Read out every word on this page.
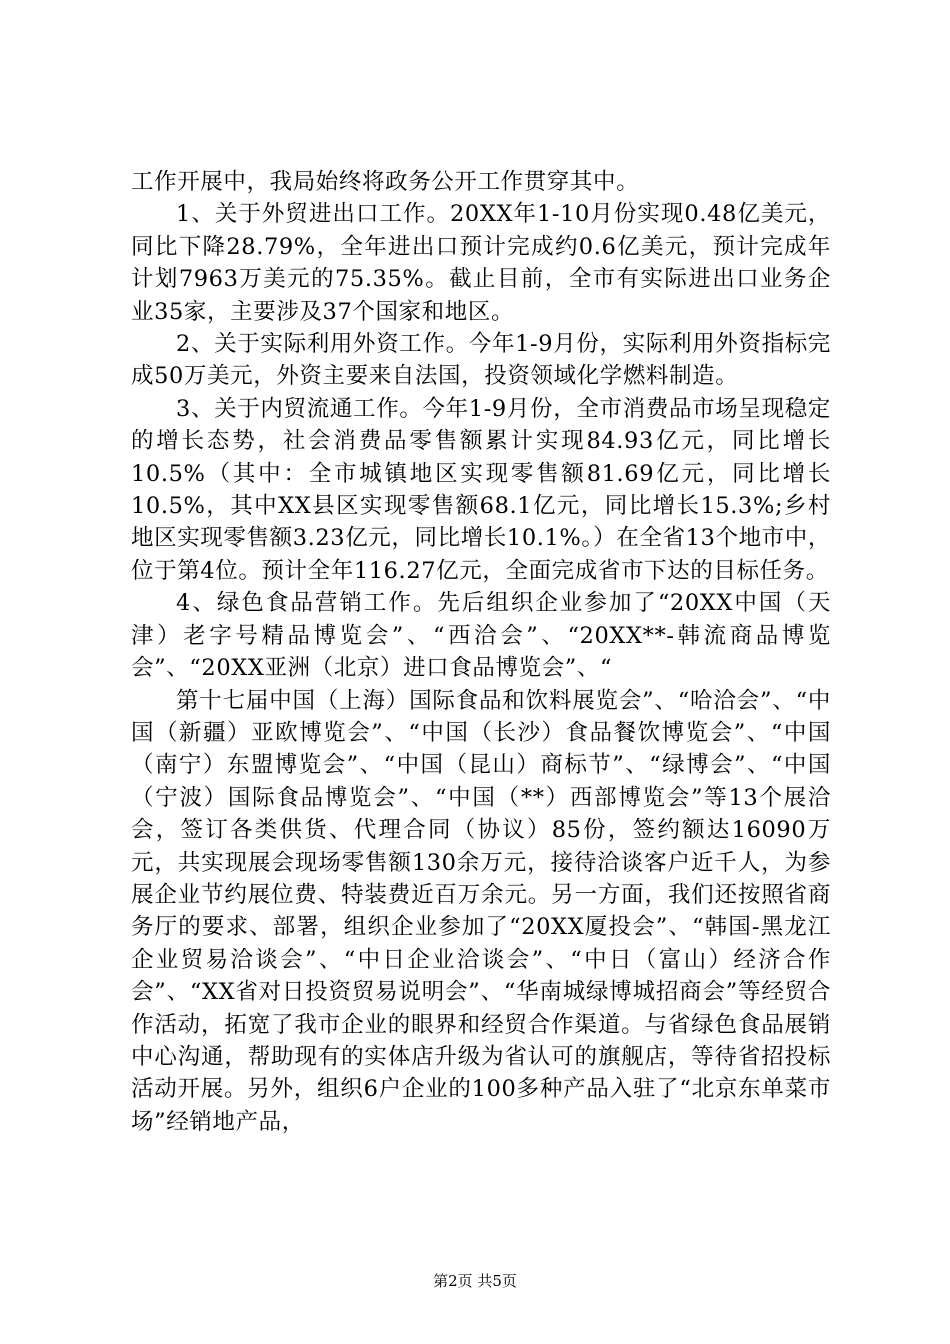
工作开展中，我局始终将政务公开工作贯穿其中。

1、关于外贸进出口工作。20XX年1-10月份实现0.48亿美元，同比下降28.79%，全年进出口预计完成约0.6亿美元，预计完成年计划7963万美元的75.35%。截止目前，全市有实际进出口业务企业35家，主要涉及37个国家和地区。

2、关于实际利用外资工作。今年1-9月份，实际利用外资指标完成50万美元，外资主要来自法国，投资领域化学燃料制造。

3、关于内贸流通工作。今年1-9月份，全市消费品市场呈现稳定的增长态势，社会消费品零售额累计实现84.93亿元，同比增长10.5%（其中：全市城镇地区实现零售额81.69亿元，同比增长10.5%，其中XX县区实现零售额68.1亿元，同比增长15.3%;乡村地区实现零售额3.23亿元，同比增长10.1%。）在全省13个地市中，位于第4位。预计全年116.27亿元，全面完成省市下达的目标任务。

4、绿色食品营销工作。先后组织企业参加了“20XX中国（天津）老字号精品博览会”、“西洽会”、“20XX**-韩流商品博览会”、“20XX亚洲（北京）进口食品博览会”、“

第十七届中国（上海）国际食品和饮料展览会”、“哈洽会”、“中国（新疆）亚欧博览会”、“中国（长沙）食品餐饮博览会”、“中国（南宁）东盟博览会”、“中国（昆山）商标节”、“绿博会”、“中国（宁波）国际食品博览会”、“中国（**）西部博览会”等13个展洽会，签订各类供货、代理合同（协议）85份，签约额达16090万元，共实现展会现场零售额130余万元，接待洽谈客户近千人，为参展企业节约展位费、特装费近百万余元。另一方面，我们还按照省商务厅的要求、部署，组织企业参加了“20XX厦投会”、“韩国-黑龙江企业贸易洽谈会”、“中日企业洽谈会”、“中日（富山）经济合作会”、“XX省对日投资贸易说明会”、“华南城绿博城招商会”等经贸合作活动，拓宽了我市企业的眼界和经贸合作渠道。与省绿色食品展销中心沟通，帮助现有的实体店升级为省认可的旗舰店，等待省招投标活动开展。另外，组织6户企业的100多种产品入驻了“北京东单菜市场”经销地产品，

第2页 共5页
